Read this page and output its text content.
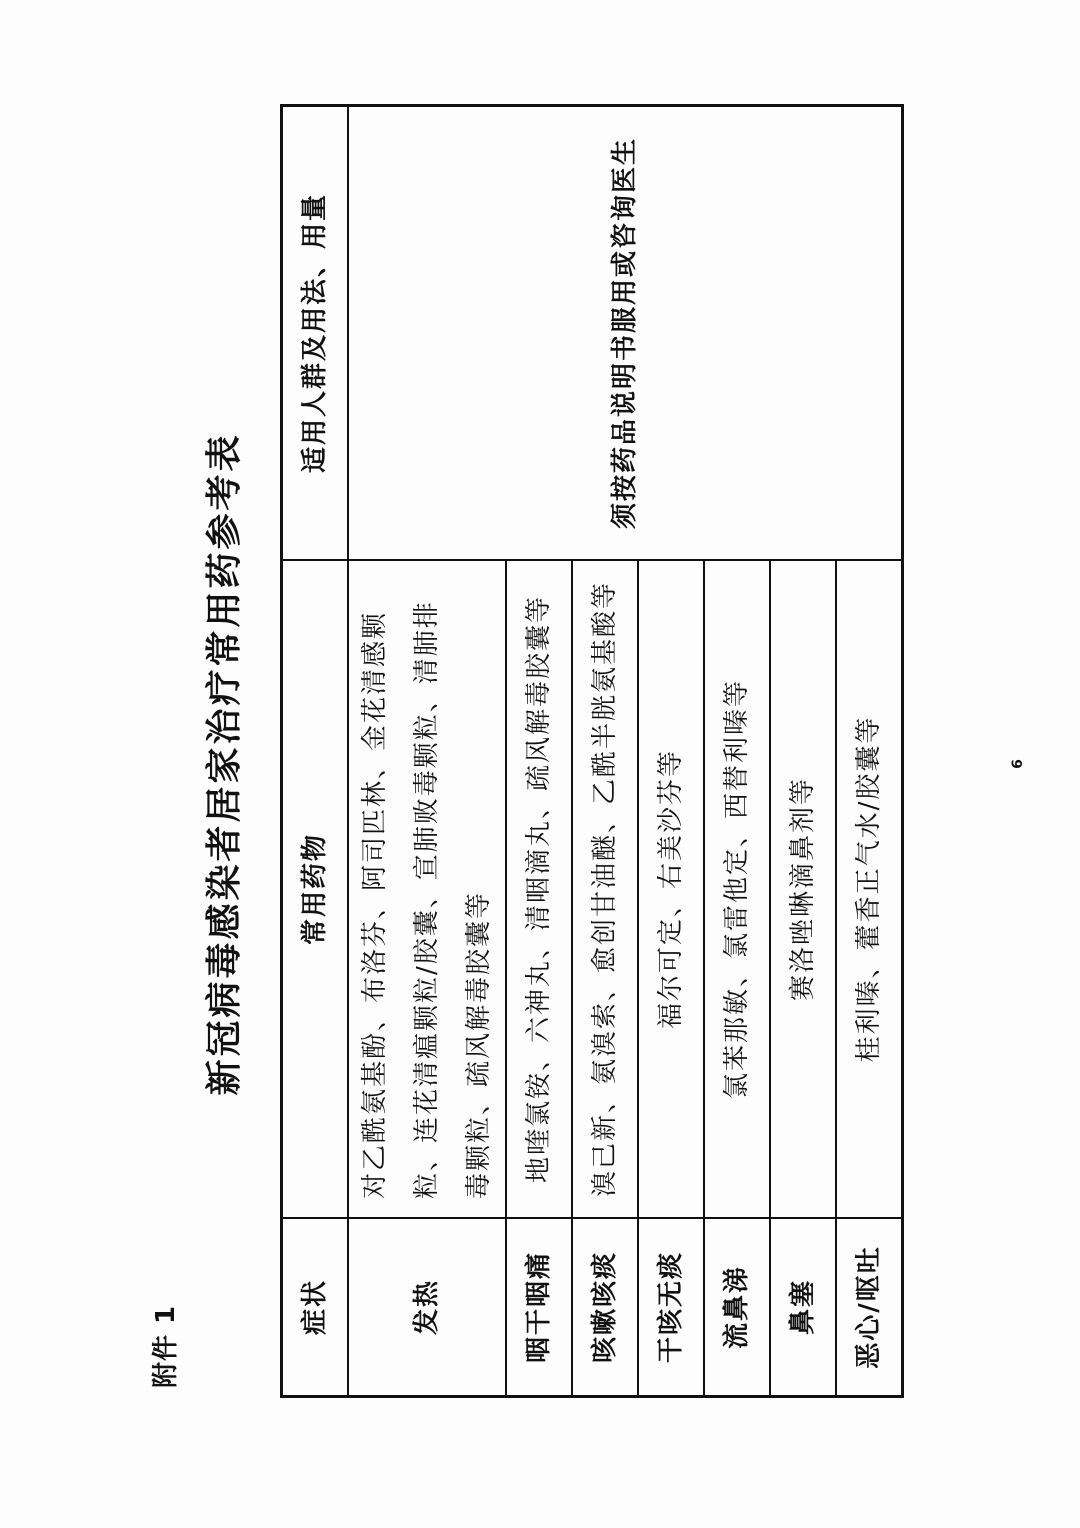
附件 1
新冠病毒感染者居家治疗常用药参考表
症状	常用药物	适用人群及用法、用量
发热	对乙酰氨基酚、布洛芬、阿司匹林、金花清感颗粒、连花清瘟颗粒/胶囊、宣肺败毒颗粒、清肺排毒颗粒、疏风解毒胶囊等	须按药品说明书服用或咨询医生
咽干咽痛	地喹氯铵、六神丸、清咽滴丸、疏风解毒胶囊等	
咳嗽咳痰	溴己新、氨溴索、愈创甘油醚、乙酰半胱氨基酸等	
干咳无痰	福尔可定、右美沙芬等	
流鼻涕	氯苯那敏、氯雷他定、西替利嗪等	
鼻塞	赛洛唑啉滴鼻剂等	
恶心/呕吐	桂利嗪、藿香正气水/胶囊等		6
